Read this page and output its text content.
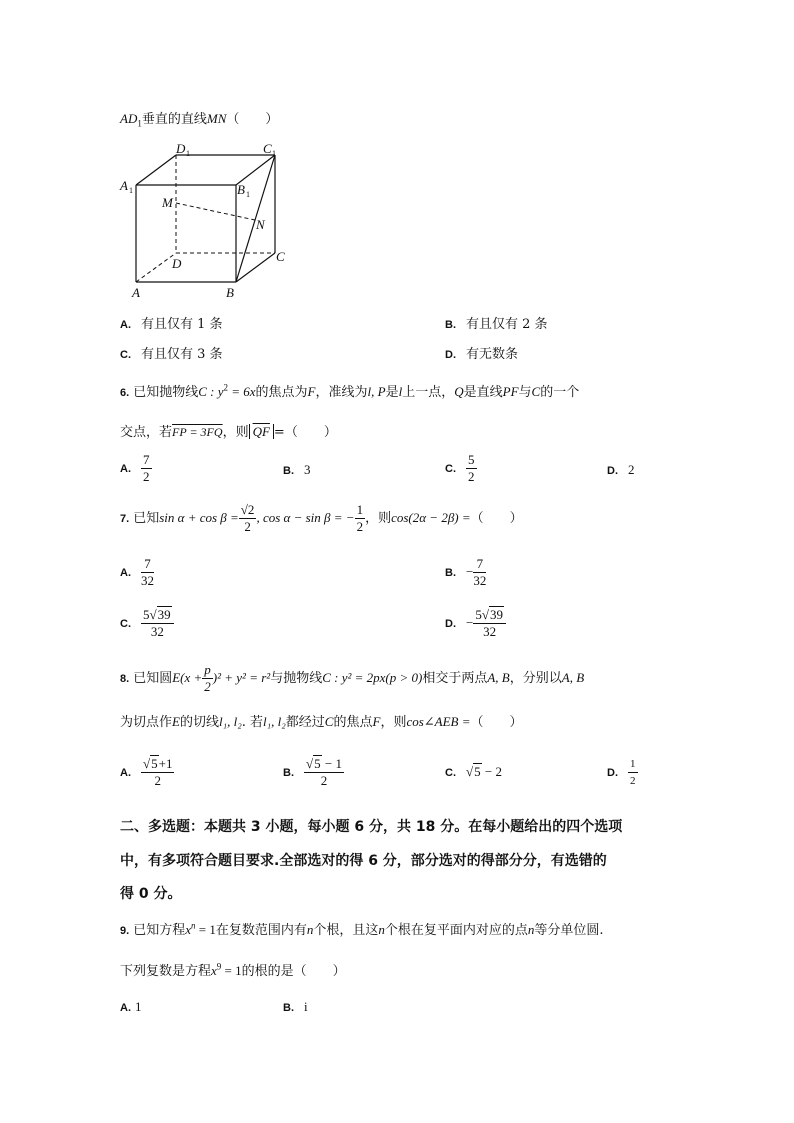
$AD_1$垂直的直线MN（　　）
A 1
D 1	C 1
B 1
M
N
D	C
A	B
A. 有且仅有 1 条	B. 有且仅有 2 条
C. 有且仅有 3 条	D. 有无数条
6. 已知抛物线C : $y^2 = 6x$的焦点为F，准线为l, P是l上一点，Q是直线PF与C的一个
交点，若FP = 3FQ，则 $\overline{QF}$ =（　　）
A. $\frac{7}{2}$	B. 3	C. $\frac{5}{2}$	D. 2
7. 已知$\sin \alpha + \cos \beta = \frac{√2}{2}$ , cos α − sin β = − $\frac{1}{2}$ ，则cos(2α − 2β) =（　　）
A. $\frac{7}{32}$	B. − $\frac{7}{32}$
C. $\frac{5√39}{32}$	D. − $\frac{5√39}{32}$
8. 已知圆$E(x + \frac{p}{2} )^2 + y^2 = r^2$与抛物线C : y² = 2px(p > 0)相交于两点A, B，分别以A, B
为切点作E的切线l₁, l₂. 若l₁, l₂都经过C的焦点F，则cos∠AEB =（　　）
A. $\frac{√5+1}{2}$	B. $\frac{√5 - 1}{2}$	C. √5 − 2	D. $\frac{1}{2}$
二、多选题：本题共 3 小题，每小题 6 分，共 18 分。在每小题给出的四个选项
中，有多项符合题目要求.全部选对的得 6 分，部分选对的得部分分，有选错的
得 0 分。
9. 已知方程$x^n = 1$在复数范围内有n个根，且这n个根在复平面内对应的点n等分单位圆.
下列复数是方程$x^9 = 1$的根的是（　　）
A. 1	B. i
